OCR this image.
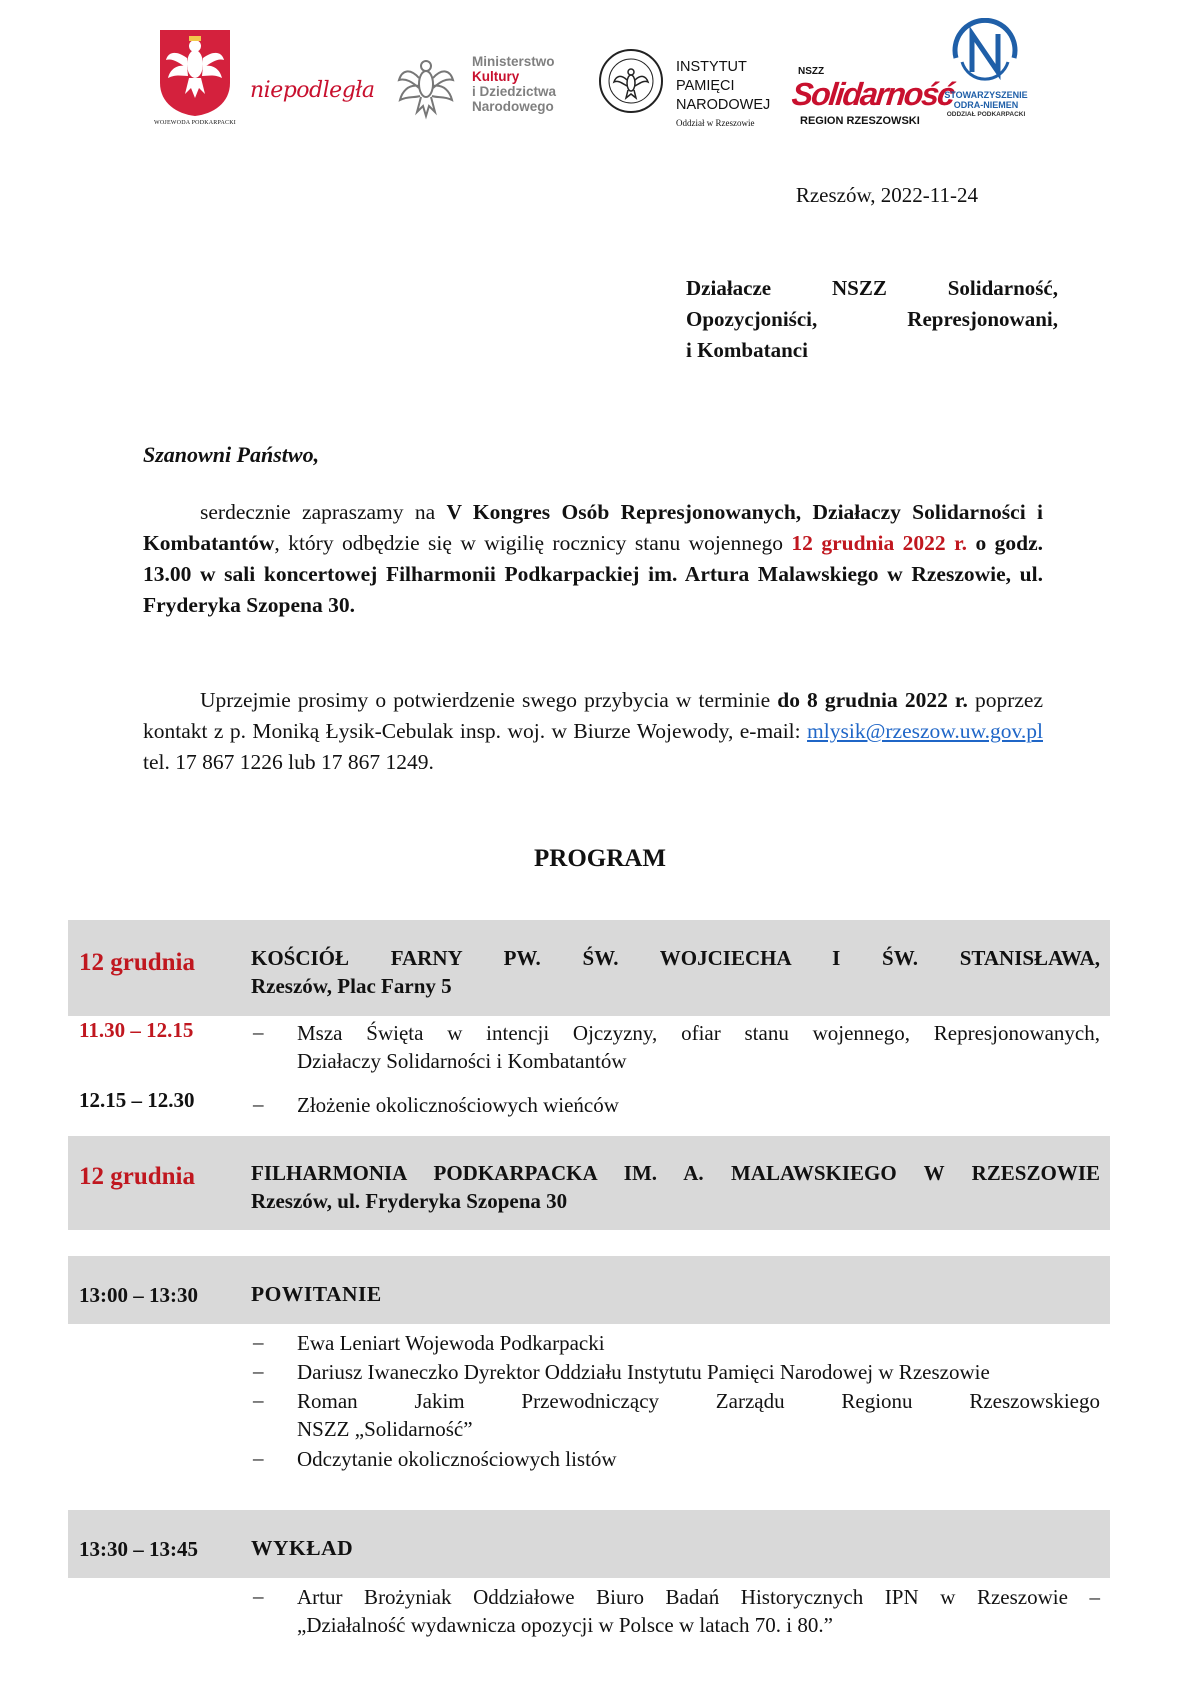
WOJEWODA PODKARPACKI
niepodległa
Ministerstwo
Kultury
i Dziedzictwa
Narodowego
INSTYTUT
PAMIĘCI
NARODOWEJ
Oddział w Rzeszowie
NSZZ
Solidarność
REGION RZESZOWSKI
STOWARZYSZENIE
ODRA-NIEMEN
ODDZIAŁ PODKARPACKI
Rzeszów, 2022-11-24
Działacze NSZZ Solidarność,
Opozycjoniści, Represjonowani,
i Kombatanci
Szanowni Państwo,
serdecznie zapraszamy na V Kongres Osób Represjonowanych, Działaczy Solidarności i Kombatantów, który odbędzie się w wigilię rocznicy stanu wojennego 12 grudnia 2022 r. o godz. 13.00 w sali koncertowej Filharmonii Podkarpackiej im. Artura Malawskiego w Rzeszowie, ul. Fryderyka Szopena 30.
Uprzejmie prosimy o potwierdzenie swego przybycia w terminie do 8 grudnia 2022 r. poprzez kontakt z p. Moniką Łysik-Cebulak insp. woj. w Biurze Wojewody, e-mail: mlysik@rzeszow.uw.gov.pl tel. 17 867 1226 lub 17 867 1249.
PROGRAM
12 grudnia	KOŚCIÓŁ FARNY PW. ŚW. WOJCIECHA I ŚW. STANISŁAWA,
Rzeszów, Plac Farny 5
11.30 – 12.15	– Msza Święta w intencji Ojczyzny, ofiar stanu wojennego, Represjonowanych,
Działaczy Solidarności i Kombatantów
12.15 – 12.30	– Złożenie okolicznościowych wieńców
12 grudnia	FILHARMONIA PODKARPACKA IM. A. MALAWSKIEGO W RZESZOWIE
Rzeszów, ul. Fryderyka Szopena 30
13:00 – 13:30 POWITANIE
– Ewa Leniart Wojewoda Podkarpacki
– Dariusz Iwaneczko Dyrektor Oddziału Instytutu Pamięci Narodowej w Rzeszowie
– Roman Jakim Przewodniczący Zarządu Regionu Rzeszowskiego
NSZZ „Solidarność”
– Odczytanie okolicznościowych listów
13:30 – 13:45 WYKŁAD
– Artur Brożyniak Oddziałowe Biuro Badań Historycznych IPN w Rzeszowie –
„Działalność wydawnicza opozycji w Polsce w latach 70. i 80.”
